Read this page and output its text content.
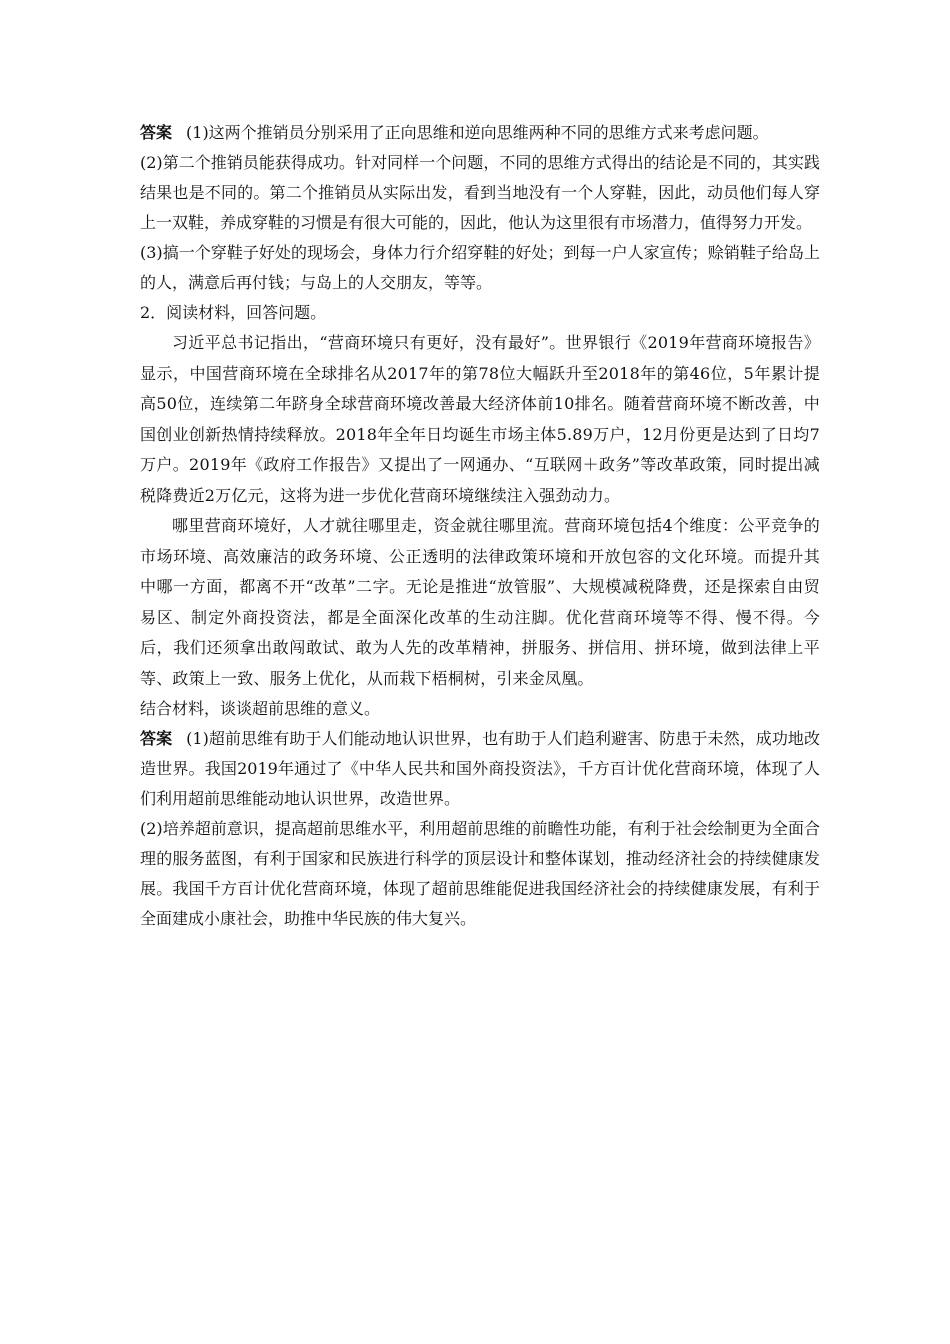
答案 (1)这两个推销员分别采用了正向思维和逆向思维两种不同的思维方式来考虑问题。

(2)第二个推销员能获得成功。针对同样一个问题，不同的思维方式得出的结论是不同的，其实践结果也是不同的。第二个推销员从实际出发，看到当地没有一个人穿鞋，因此，动员他们每人穿上一双鞋，养成穿鞋的习惯是有很大可能的，因此，他认为这里很有市场潜力，值得努力开发。

(3)搞一个穿鞋子好处的现场会，身体力行介绍穿鞋的好处；到每一户人家宣传；赊销鞋子给岛上的人，满意后再付钱；与岛上的人交朋友，等等。

2．阅读材料，回答问题。

习近平总书记指出，“营商环境只有更好，没有最好”。世界银行《2019年营商环境报告》显示，中国营商环境在全球排名从2017年的第78位大幅跃升至2018年的第46位，5年累计提高50位，连续第二年跻身全球营商环境改善最大经济体前10排名。随着营商环境不断改善，中国创业创新热情持续释放。2018年全年日均诞生市场主体5.89万户，12月份更是达到了日均7万户。2019年《政府工作报告》又提出了一网通办、“互联网＋政务”等改革政策，同时提出减税降费近2万亿元，这将为进一步优化营商环境继续注入强劲动力。

哪里营商环境好，人才就往哪里走，资金就往哪里流。营商环境包括4个维度：公平竞争的市场环境、高效廉洁的政务环境、公正透明的法律政策环境和开放包容的文化环境。而提升其中哪一方面，都离不开“改革”二字。无论是推进“放管服”、大规模减税降费，还是探索自由贸易区、制定外商投资法，都是全面深化改革的生动注脚。优化营商环境等不得、慢不得。今后，我们还须拿出敢闯敢试、敢为人先的改革精神，拼服务、拼信用、拼环境，做到法律上平等、政策上一致、服务上优化，从而栽下梧桐树，引来金凤凰。

结合材料，谈谈超前思维的意义。

答案 (1)超前思维有助于人们能动地认识世界，也有助于人们趋利避害、防患于未然，成功地改造世界。我国2019年通过了《中华人民共和国外商投资法》，千方百计优化营商环境，体现了人们利用超前思维能动地认识世界，改造世界。

(2)培养超前意识，提高超前思维水平，利用超前思维的前瞻性功能，有利于社会绘制更为全面合理的服务蓝图，有利于国家和民族进行科学的顶层设计和整体谋划，推动经济社会的持续健康发展。我国千方百计优化营商环境，体现了超前思维能促进我国经济社会的持续健康发展，有利于全面建成小康社会，助推中华民族的伟大复兴。
